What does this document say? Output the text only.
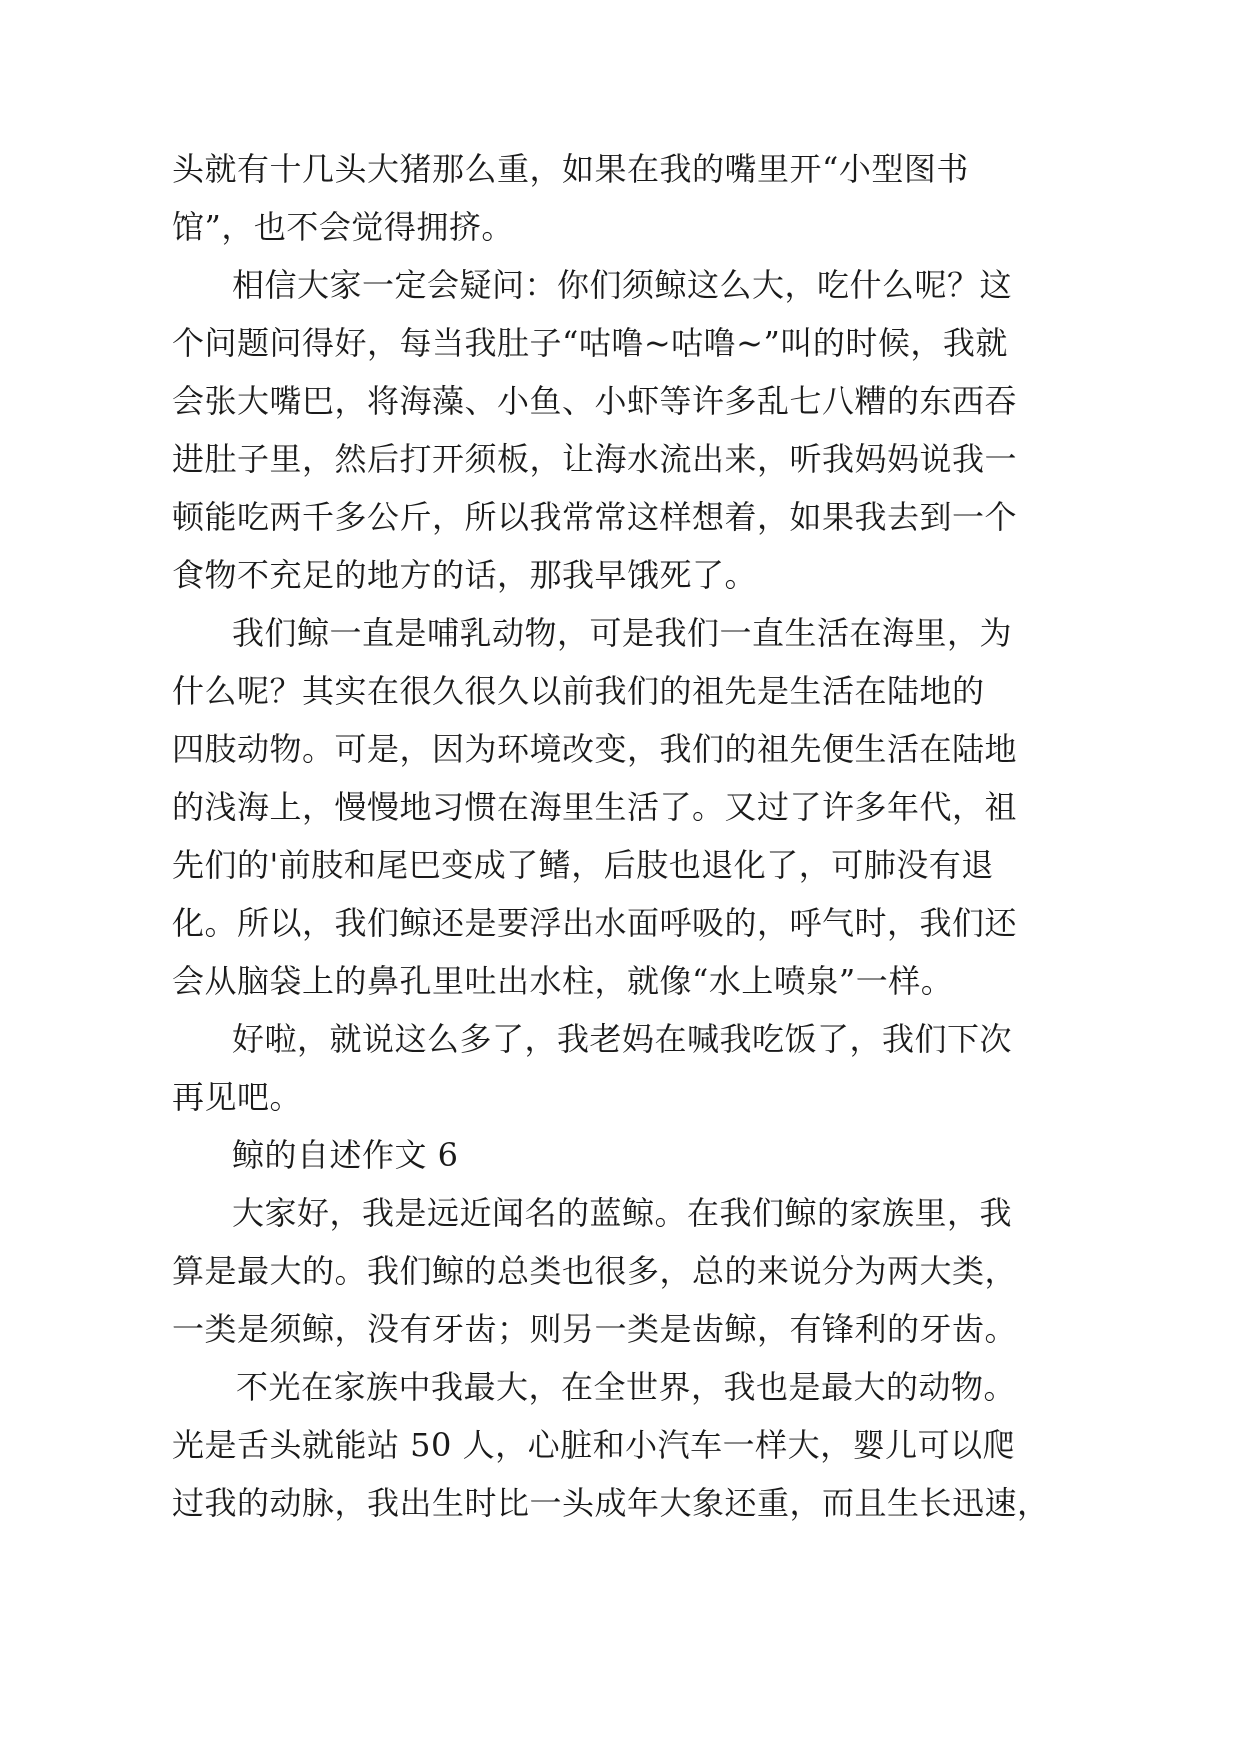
头就有十几头大猪那么重，如果在我的嘴里开“小型图书
馆”，也不会觉得拥挤。
相信大家一定会疑问：你们须鲸这么大，吃什么呢？这
个问题问得好，每当我肚子“咕噜~咕噜~”叫的时候，我就
会张大嘴巴，将海藻、小鱼、小虾等许多乱七八糟的东西吞
进肚子里，然后打开须板，让海水流出来，听我妈妈说我一
顿能吃两千多公斤，所以我常常这样想着，如果我去到一个
食物不充足的地方的话，那我早饿死了。
我们鲸一直是哺乳动物，可是我们一直生活在海里，为
什么呢？其实在很久很久以前我们的祖先是生活在陆地的
四肢动物。可是，因为环境改变，我们的祖先便生活在陆地
的浅海上，慢慢地习惯在海里生活了。又过了许多年代，祖
先们的'前肢和尾巴变成了鳍，后肢也退化了，可肺没有退
化。所以，我们鲸还是要浮出水面呼吸的，呼气时，我们还
会从脑袋上的鼻孔里吐出水柱，就像“水上喷泉”一样。
好啦，就说这么多了，我老妈在喊我吃饭了，我们下次
再见吧。
鲸的自述作文 6
大家好，我是远近闻名的蓝鲸。在我们鲸的家族里，我
算是最大的。我们鲸的总类也很多，总的来说分为两大类，
一类是须鲸，没有牙齿；则另一类是齿鲸，有锋利的牙齿。
不光在家族中我最大，在全世界，我也是最大的动物。
光是舌头就能站 50 人，心脏和小汽车一样大，婴儿可以爬
过我的动脉，我出生时比一头成年大象还重，而且生长迅速，
